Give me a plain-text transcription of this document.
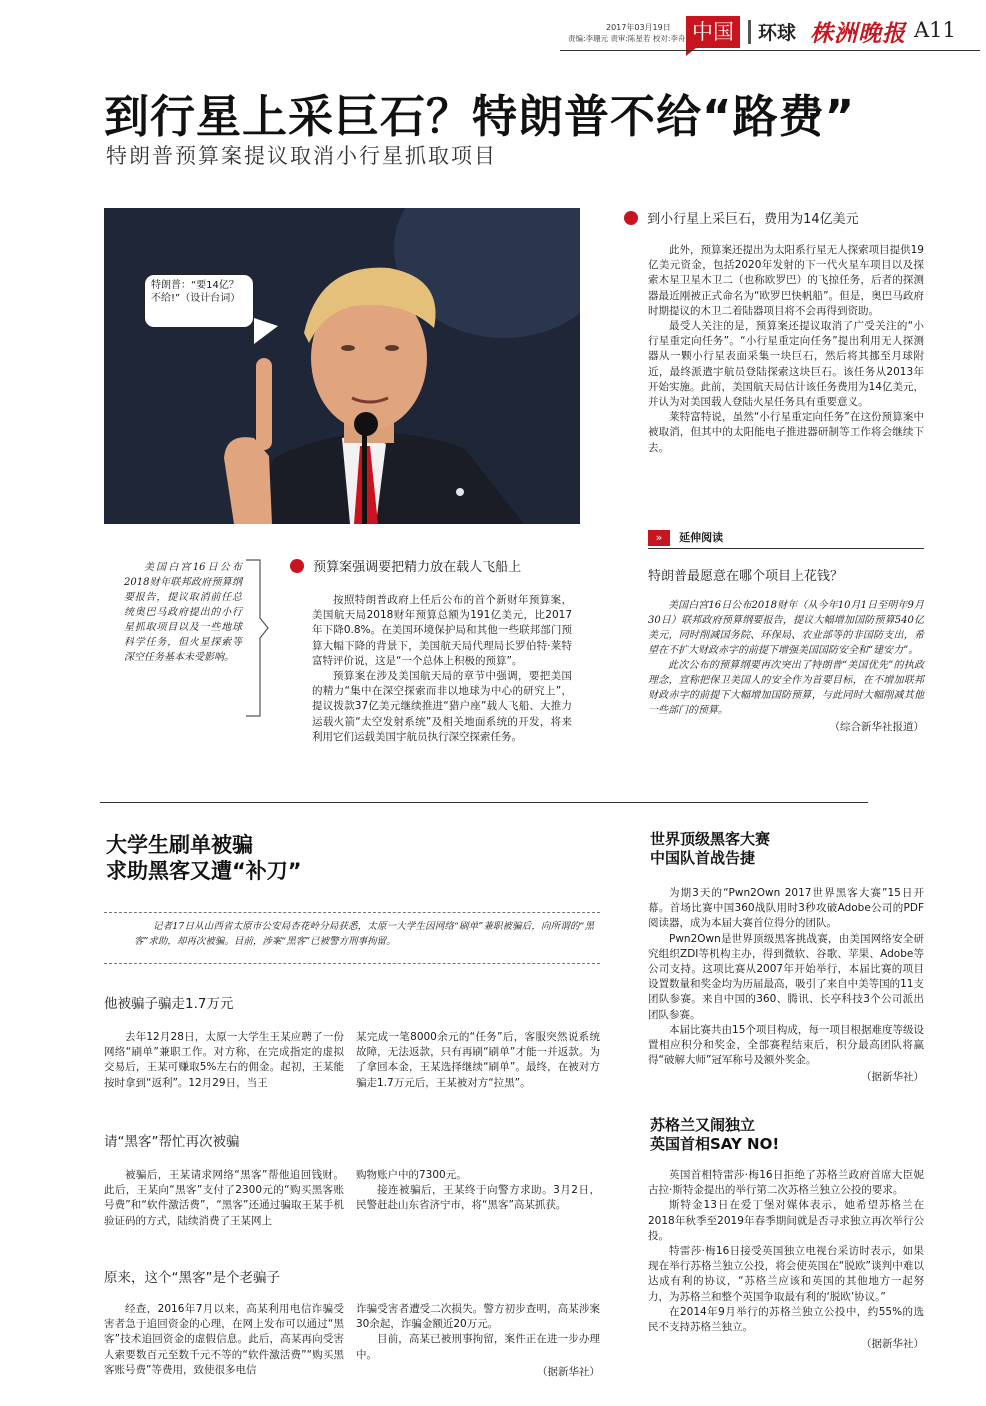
2017年03月19日
责编:李珊元 责审:陈星若 校对:李舟 中国	环球 株洲晚报 A11
到行星上采巨石？特朗普不给“路费”
特朗普预算案提议取消小行星抓取项目
特朗普：“要14亿？不给!”（设计台词）
美国白宫16日公布2018财年联邦政府预算纲要报告，提议取消前任总统奥巴马政府提出的小行星抓取项目以及一些地球科学任务，但火星探索等深空任务基本未受影响。
到小行星上采巨石，费用为14亿美元

此外，预算案还提出为太阳系行星无人探索项目提供19亿美元资金，包括2020年发射的下一代火星车项目以及探索木星卫星木卫二（也称欧罗巴）的飞掠任务，后者的探测器最近刚被正式命名为“欧罗巴快帆船”。但是，奥巴马政府时期提议的木卫二着陆器项目将不会再得到资助。

最受人关注的是，预算案还提议取消了广受关注的“小行星重定向任务”。“小行星重定向任务”提出利用无人探测器从一颗小行星表面采集一块巨石，然后将其挪至月球附近，最终派遣宇航员登陆探索这块巨石。该任务从2013年开始实施。此前，美国航天局估计该任务费用为14亿美元，并认为对美国载人登陆火星任务具有重要意义。

莱特富特说，虽然“小行星重定向任务”在这份预算案中被取消，但其中的太阳能电子推进器研制等工作将会继续下去。

预算案强调要把精力放在载人飞船上

按照特朗普政府上任后公布的首个新财年预算案，美国航天局2018财年预算总额为191亿美元，比2017年下降0.8%。在美国环境保护局和其他一些联邦部门预算大幅下降的背景下，美国航天局代理局长罗伯特·莱特富特评价说，这是“一个总体上积极的预算”。

预算案在涉及美国航天局的章节中强调，要把美国的精力“集中在深空探索而非以地球为中心的研究上”，提议拨款37亿美元继续推进“猎户座”载人飞船、大推力运载火箭“太空发射系统”及相关地面系统的开发，将来利用它们运载美国宇航员执行深空探索任务。

» $^{延伸阅读}$
特朗普最愿意在哪个项目上花钱？

美国白宫16日公布2018财年（从今年10月1日至明年9月30日）联邦政府预算纲要报告，提议大幅增加国防预算540亿美元，同时削减国务院、环保局、农业部等的非国防支出，希望在不扩大财政赤字的前提下增强美国国防安全和“建安力”。

此次公布的预算纲要再次突出了特朗普“美国优先”的执政理念，宣称把保卫美国人的安全作为首要目标，在不增加联邦财政赤字的前提下大幅增加国防预算，与此同时大幅削减其他一些部门的预算。

（综合新华社报道）

大学生刷单被骗
求助黑客又遭“补刀”
记者17日从山西省太原市公安局杏花岭分局获悉，太原一大学生因网络“刷单”兼职被骗后，向所谓的“黑客”求助，却再次被骗。目前，涉案“黑客”已被警方刑事拘留。
他被骗子骗走1.7万元

去年12月28日，太原一大学生王某应聘了一份网络“刷单”兼职工作。对方称，在完成指定的虚拟交易后，王某可赚取5%左右的佣金。起初，王某能按时拿到“返利”。12月29日，当王

某完成一笔8000余元的“任务”后，客服突然说系统故障，无法返款，只有再刷“刷单”才能一并返款。为了拿回本金，王某选择继续“刷单”。最终，在被对方骗走1.7万元后，王某被对方“拉黑”。

请“黑客”帮忙再次被骗

被骗后，王某请求网络“黑客”帮他追回钱财。此后，王某向“黑客”支付了2300元的“购买黑客账号费”和“软件激活费”，“黑客”还通过骗取王某手机验证码的方式，陆续消费了王某网上

购物账户中的7300元。

接连被骗后，王某终于向警方求助。3月2日，民警赶赴山东省济宁市，将“黑客”高某抓获。

原来，这个“黑客”是个老骗子

经查，2016年7月以来，高某利用电信诈骗受害者急于追回资金的心理，在网上发布可以通过“黑客”技术追回资金的虚假信息。此后，高某再向受害人索要数百元至数千元不等的“软件激活费”“购买黑客账号费”等费用，致使很多电信

诈骗受害者遭受二次损失。警方初步查明，高某涉案30余起，诈骗金额近20万元。

目前，高某已被刑事拘留，案件正在进一步办理中。

（据新华社）

世界顶级黑客大赛
中国队首战告捷

为期3天的“Pwn2Own 2017世界黑客大赛”15日开幕。首场比赛中国360战队用时3秒攻破Adobe公司的PDF阅读器，成为本届大赛首位得分的团队。

Pwn2Own是世界顶级黑客挑战赛，由美国网络安全研究组织ZDI等机构主办，得到微软、谷歌、苹果、Adobe等公司支持。这项比赛从2007年开始举行，本届比赛的项目设置数量和奖金均为历届最高，吸引了来自中美等国的11支团队参赛。来自中国的360、腾讯、长亭科技3个公司派出团队参赛。

本届比赛共由15个项目构成，每一项目根据难度等级设置相应积分和奖金，全部赛程结束后，积分最高团队将赢得“破解大师”冠军称号及额外奖金。

（据新华社）

苏格兰又闹独立
英国首相SAY NO!

英国首相特雷莎·梅16日拒绝了苏格兰政府首席大臣妮古拉·斯特金提出的举行第二次苏格兰独立公投的要求。

斯特金13日在爱丁堡对媒体表示，她希望苏格兰在2018年秋季至2019年春季期间就是否寻求独立再次举行公投。

特雷莎·梅16日接受英国独立电视台采访时表示，如果现在举行苏格兰独立公投，将会使英国在“脱欧”谈判中难以达成有利的协议，“苏格兰应该和英国的其他地方一起努力，为苏格兰和整个英国争取最有利的‘脱欧’协议。”

在2014年9月举行的苏格兰独立公投中，约55%的选民不支持苏格兰独立。

（据新华社）
